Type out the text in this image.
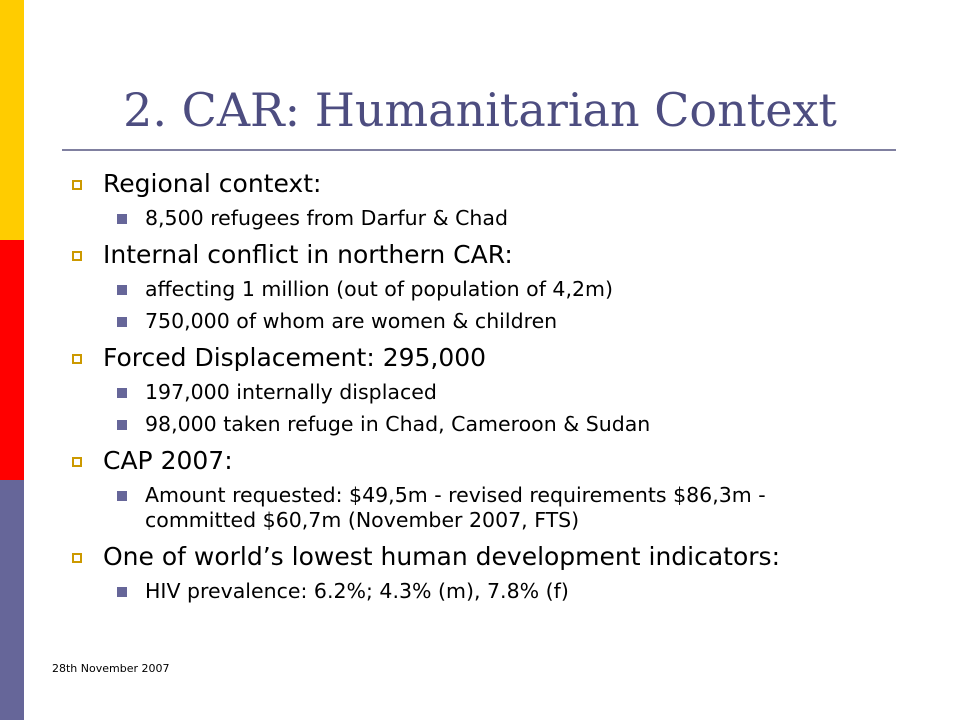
2. CAR: Humanitarian Context
Regional context:
8,500 refugees from Darfur & Chad
Internal conflict in northern CAR:
affecting 1 million (out of population of 4,2m)
750,000 of whom are women & children
Forced Displacement: 295,000
197,000 internally displaced
98,000 taken refuge in Chad, Cameroon & Sudan
CAP 2007:
Amount requested: $49,5m - revised requirements $86,3m - committed $60,7m (November 2007, FTS)
One of world’s lowest human development indicators:
HIV prevalence: 6.2%; 4.3% (m), 7.8% (f)
28th November 2007
